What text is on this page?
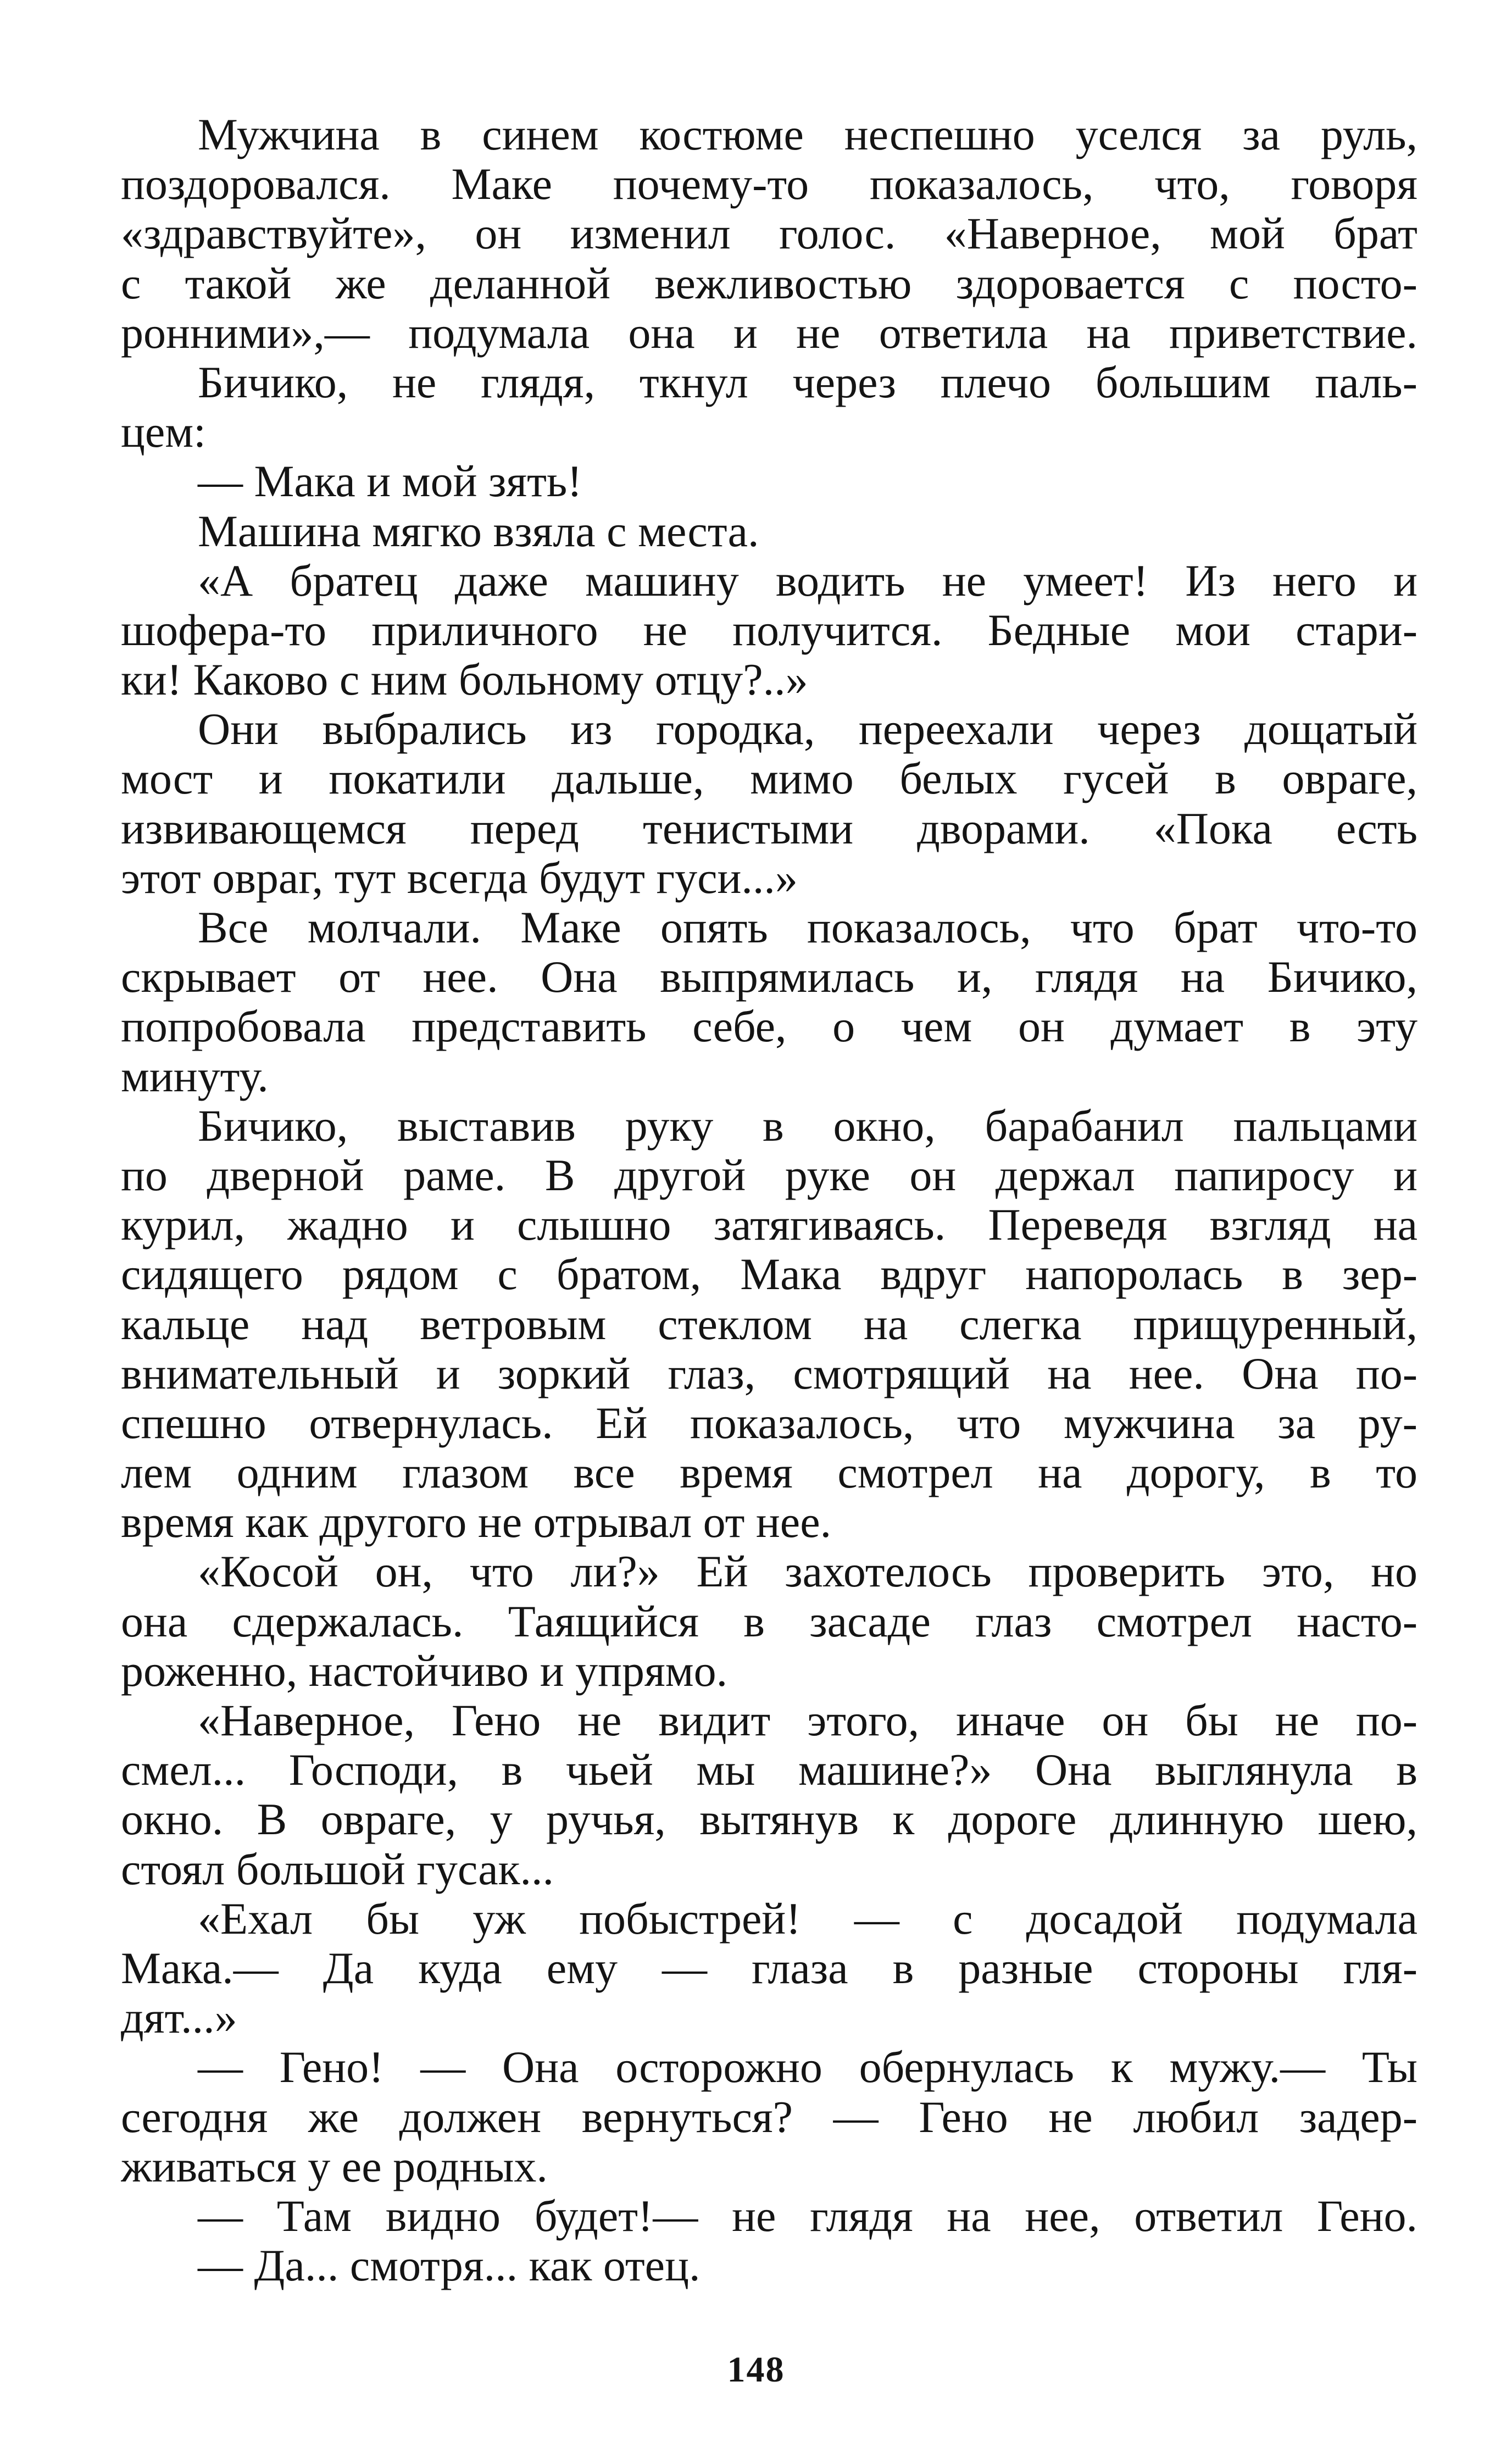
Мужчина в синем костюме неспешно уселся за руль,
поздоровался. Маке почему-то показалось, что, говоря
«здравствуйте», он изменил голос. «Наверное, мой брат
с такой же деланной вежливостью здоровается с посто-
ронними»,— подумала она и не ответила на приветствие.
Бичико, не глядя, ткнул через плечо большим паль-
цем:
— Мака и мой зять!
Машина мягко взяла с места.
«А братец даже машину водить не умеет! Из него и
шофера-то приличного не получится. Бедные мои стари-
ки! Каково с ним больному отцу?..»
Они выбрались из городка, переехали через дощатый
мост и покатили дальше, мимо белых гусей в овраге,
извивающемся перед тенистыми дворами. «Пока есть
этот овраг, тут всегда будут гуси...»
Все молчали. Маке опять показалось, что брат что-то
скрывает от нее. Она выпрямилась и, глядя на Бичико,
попробовала представить себе, о чем он думает в эту
минуту.
Бичико, выставив руку в окно, барабанил пальцами
по дверной раме. В другой руке он держал папиросу и
курил, жадно и слышно затягиваясь. Переведя взгляд на
сидящего рядом с братом, Мака вдруг напоролась в зер-
кальце над ветровым стеклом на слегка прищуренный,
внимательный и зоркий глаз, смотрящий на нее. Она по-
спешно отвернулась. Ей показалось, что мужчина за ру-
лем одним глазом все время смотрел на дорогу, в то
время как другого не отрывал от нее.
«Косой он, что ли?» Ей захотелось проверить это, но
она сдержалась. Таящийся в засаде глаз смотрел насто-
роженно, настойчиво и упрямо.
«Наверное, Гено не видит этого, иначе он бы не по-
смел... Господи, в чьей мы машине?» Она выглянула в
окно. В овраге, у ручья, вытянув к дороге длинную шею,
стоял большой гусак...
«Ехал бы уж побыстрей! — с досадой подумала
Мака.— Да куда ему — глаза в разные стороны гля-
дят...»
— Гено! — Она осторожно обернулась к мужу.— Ты
сегодня же должен вернуться? — Гено не любил задер-
живаться у ее родных.
— Там видно будет!— не глядя на нее, ответил Гено.
— Да... смотря... как отец.
148
